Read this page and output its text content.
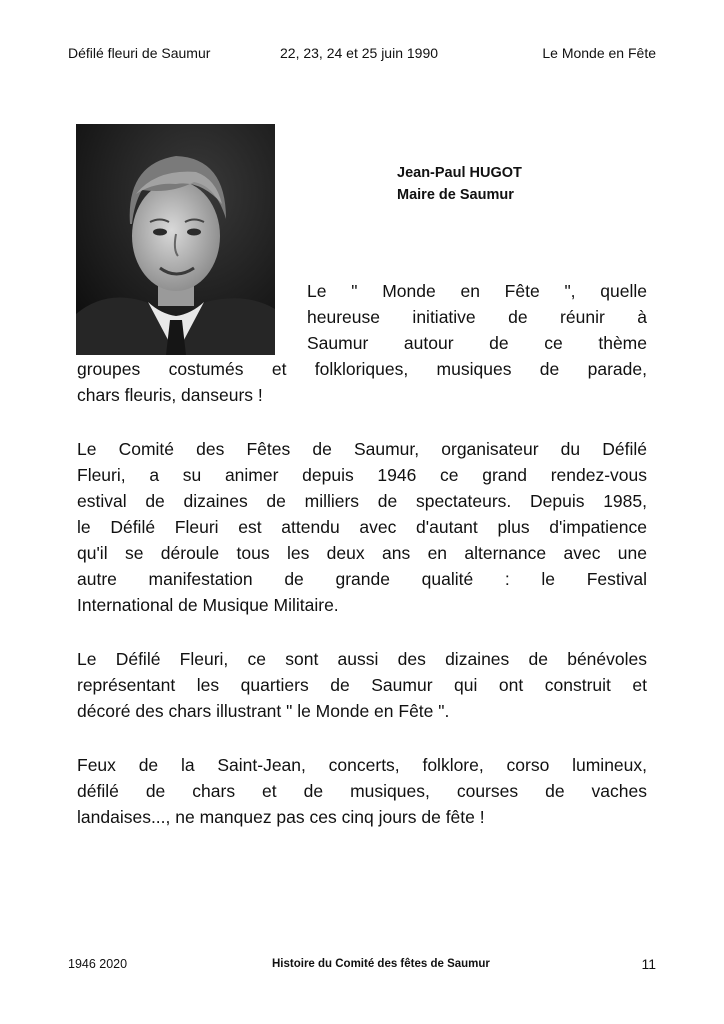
Défilé fleuri de Saumur	22, 23, 24 et 25 juin 1990	Le Monde en Fête
Jean-Paul HUGOT
Maire de Saumur

Le " Monde en Fête ", quelle
heureuse initiative de réunir à
Saumur autour de ce thème
groupes costumés et folkloriques, musiques de parade,
chars fleuris, danseurs !

Le Comité des Fêtes de Saumur, organisateur du Défilé
Fleuri, a su animer depuis 1946 ce grand rendez-vous
estival de dizaines de milliers de spectateurs. Depuis 1985,
le Défilé Fleuri est attendu avec d'autant plus d'impatience
qu'il se déroule tous les deux ans en alternance avec une
autre manifestation de grande qualité : le Festival
International de Musique Militaire.

Le Défilé Fleuri, ce sont aussi des dizaines de bénévoles
représentant les quartiers de Saumur qui ont construit et
décoré des chars illustrant " le Monde en Fête ".

Feux de la Saint-Jean, concerts, folklore, corso lumineux,
défilé de chars et de musiques, courses de vaches
landaises..., ne manquez pas ces cinq jours de fête !

1946 2020	Histoire du Comité des fêtes de Saumur	11
